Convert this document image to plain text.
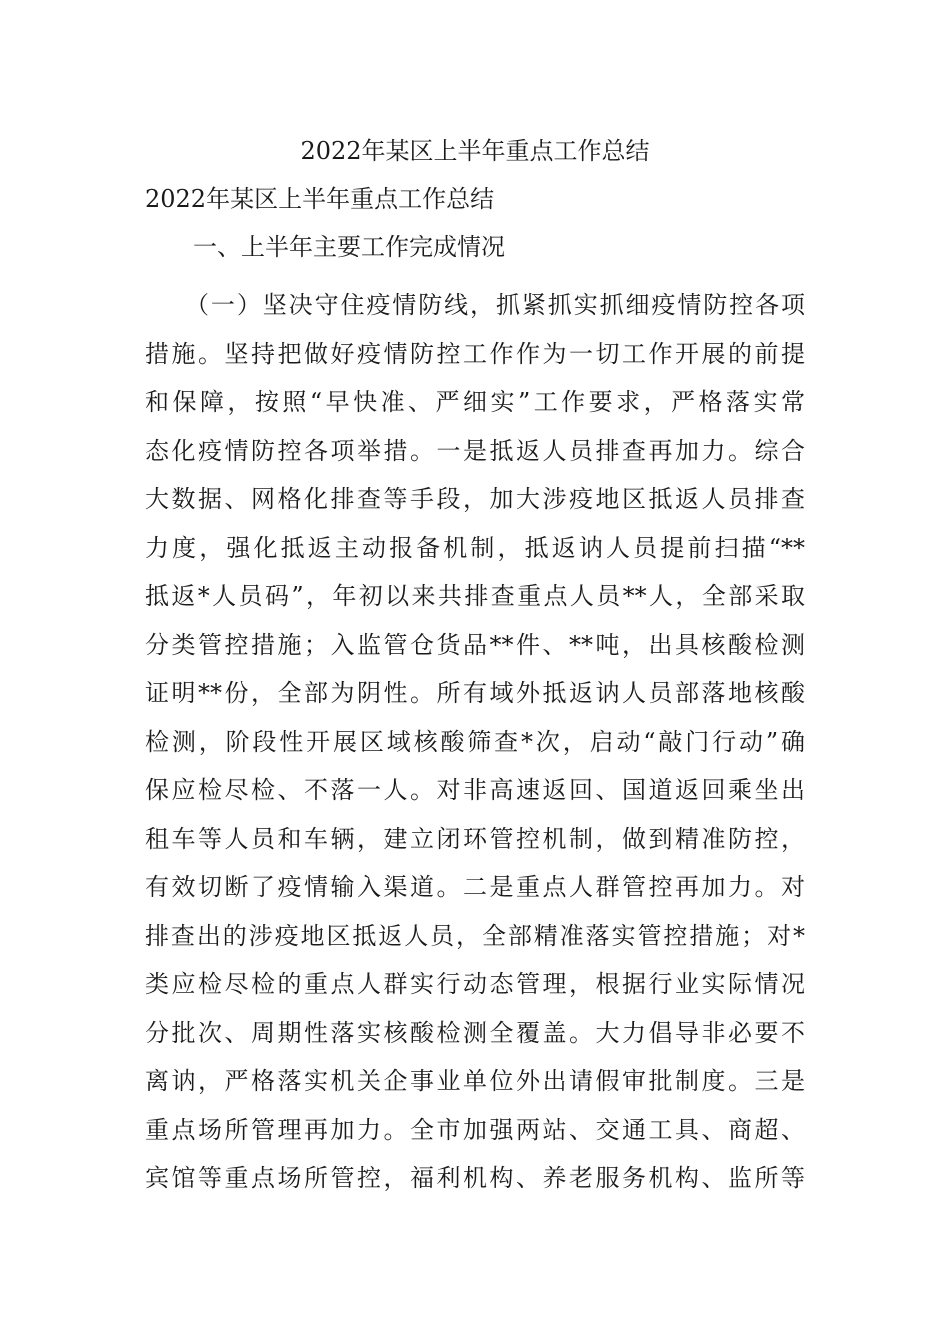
2022年某区上半年重点工作总结
2022年某区上半年重点工作总结
一、上半年主要工作完成情况

（一）坚决守住疫情防线，抓紧抓实抓细疫情防控各项
措施。坚持把做好疫情防控工作作为一切工作开展的前提
和保障，按照“早快准、严细实”工作要求，严格落实常
态化疫情防控各项举措。一是抵返人员排查再加力。综合
大数据、网格化排查等手段，加大涉疫地区抵返人员排查
力度，强化抵返主动报备机制，抵返讷人员提前扫描“**
抵返*人员码”，年初以来共排查重点人员**人，全部采取
分类管控措施；入监管仓货品**件、**吨，出具核酸检测
证明**份，全部为阴性。所有域外抵返讷人员部落地核酸
检测，阶段性开展区域核酸筛查*次，启动“敲门行动”确
保应检尽检、不落一人。对非高速返回、国道返回乘坐出
租车等人员和车辆，建立闭环管控机制，做到精准防控，
有效切断了疫情输入渠道。二是重点人群管控再加力。对
排查出的涉疫地区抵返人员，全部精准落实管控措施；对*
类应检尽检的重点人群实行动态管理，根据行业实际情况
分批次、周期性落实核酸检测全覆盖。大力倡导非必要不
离讷，严格落实机关企事业单位外出请假审批制度。三是
重点场所管理再加力。全市加强两站、交通工具、商超、
宾馆等重点场所管控，福利机构、养老服务机构、监所等
